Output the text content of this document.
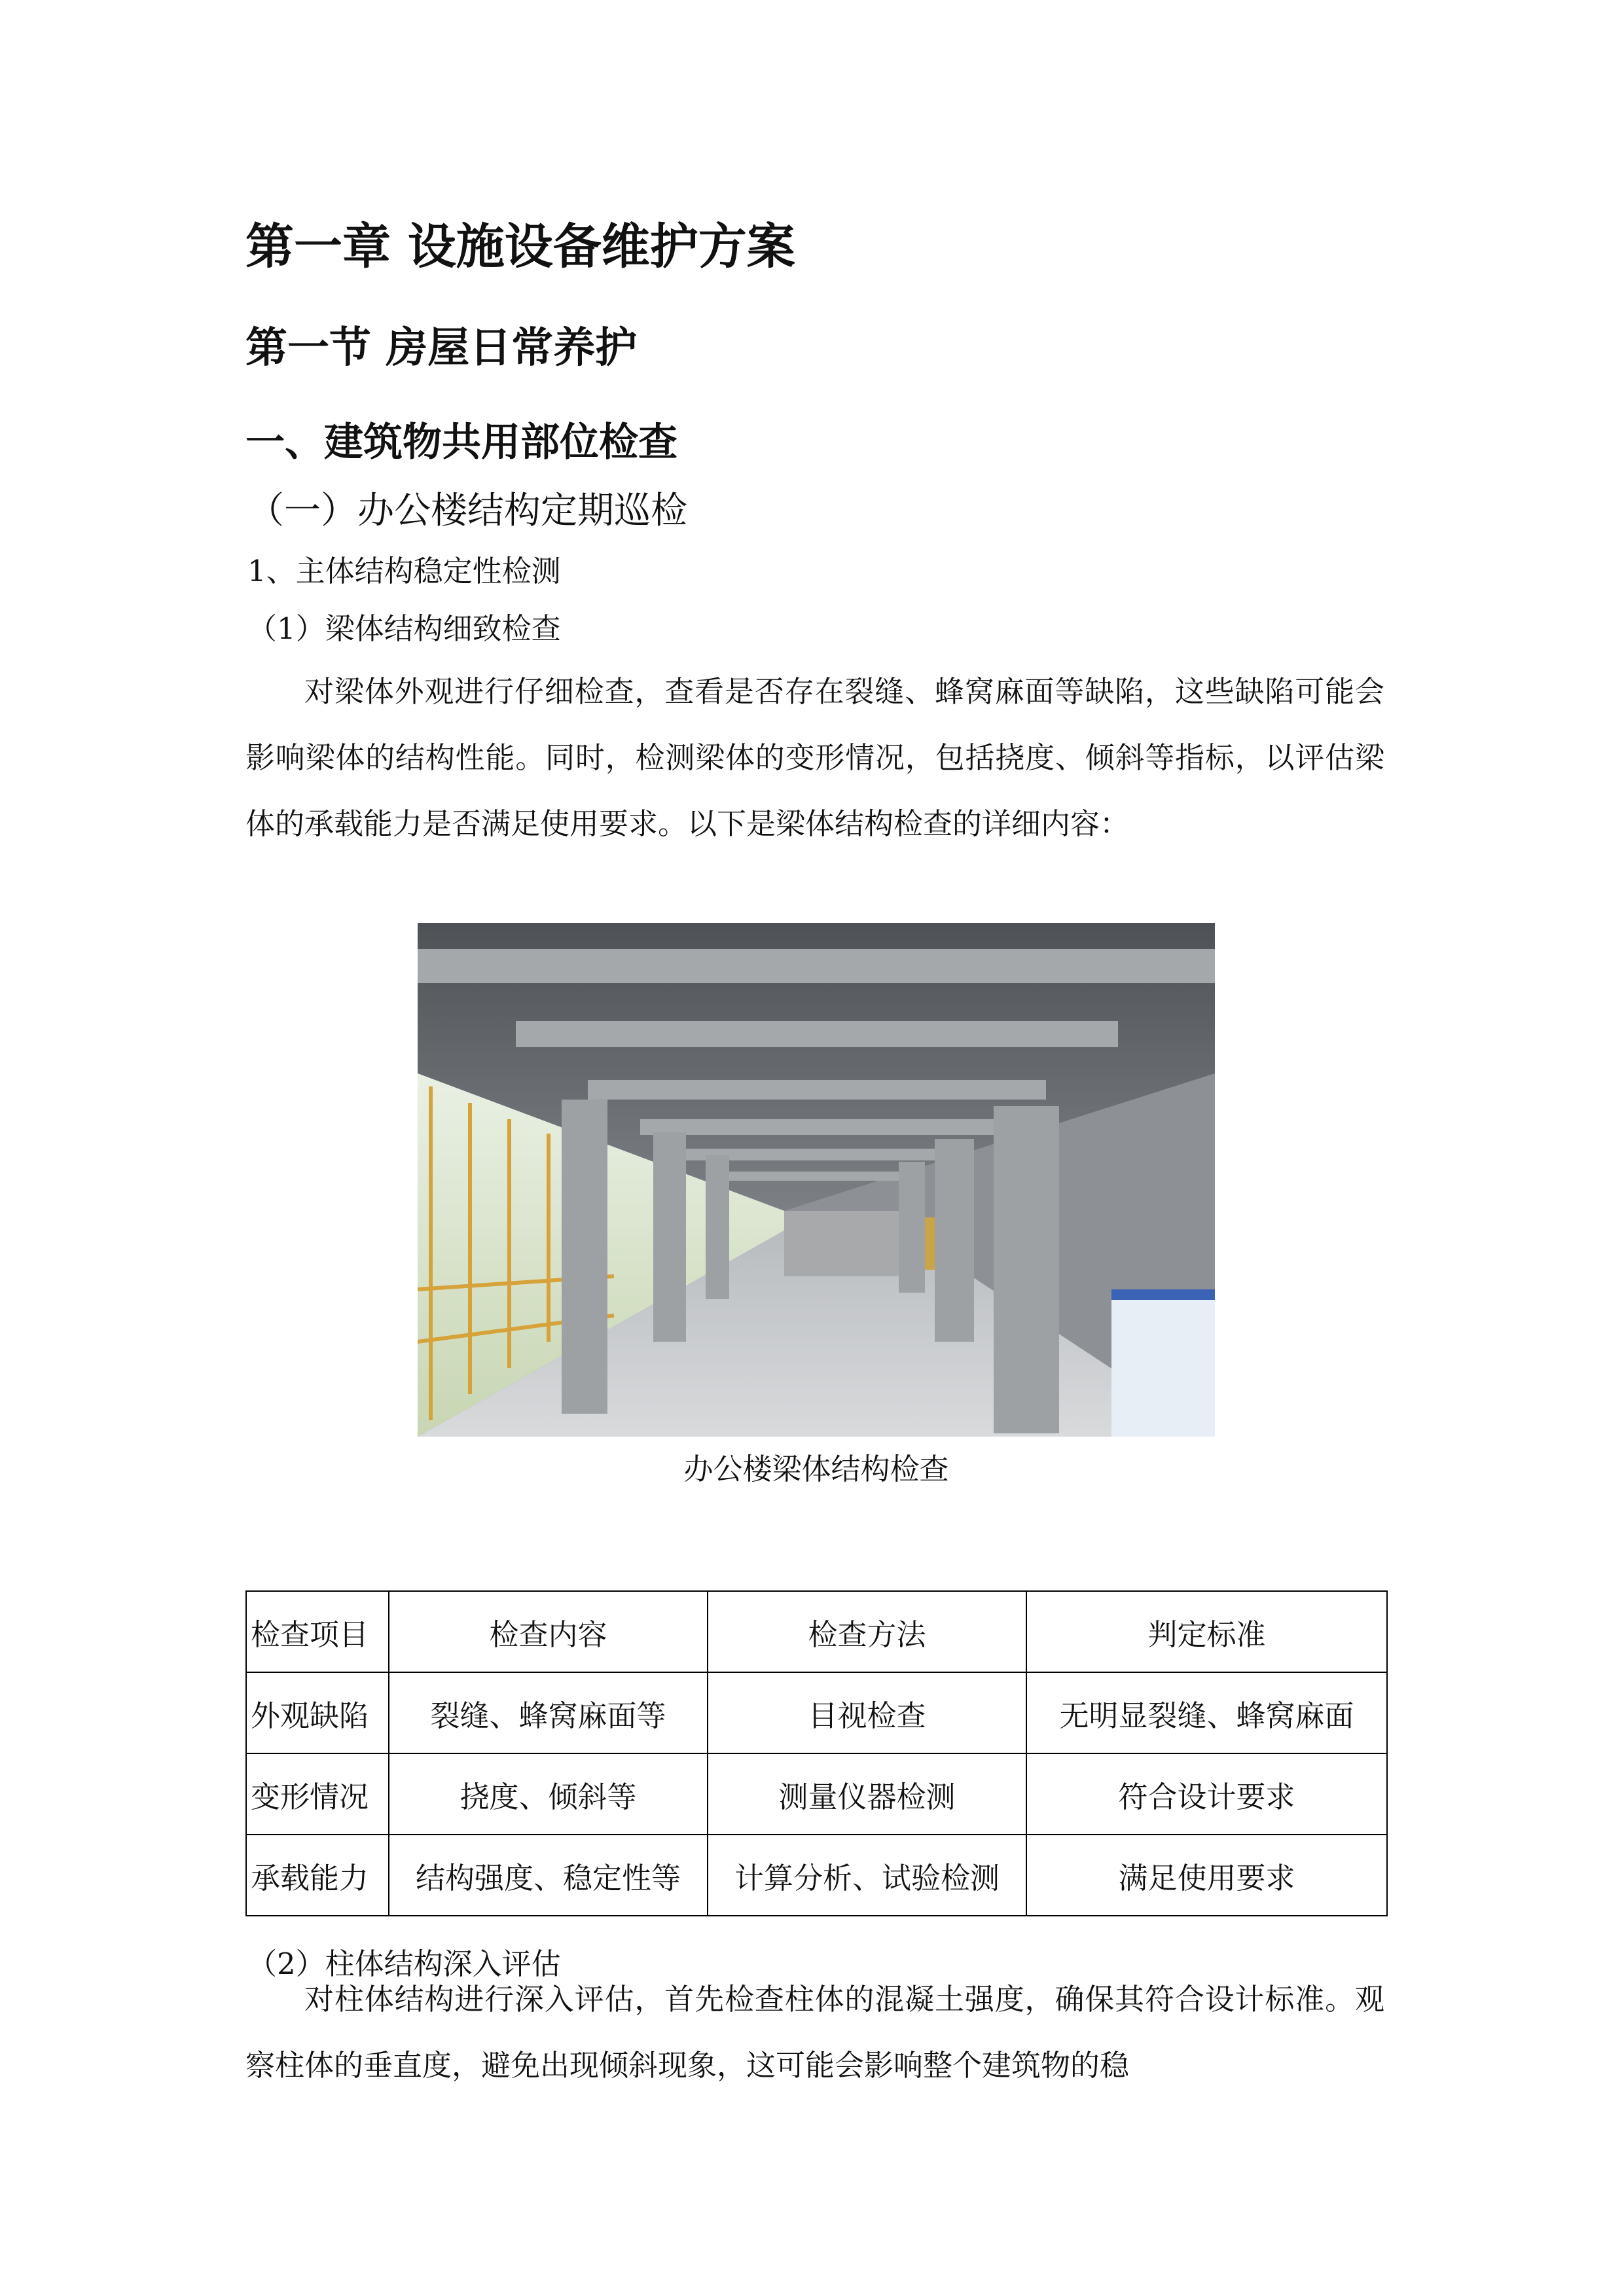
第一章 设施设备维护方案
第一节 房屋日常养护
一、建筑物共用部位检查
（一）办公楼结构定期巡检
1、主体结构稳定性检测
（1）梁体结构细致检查

对梁体外观进行仔细检查，查看是否存在裂缝、蜂窝麻面等缺陷，这些缺陷可能会影响梁体的结构性能。同时，检测梁体的变形情况，包括挠度、倾斜等指标，以评估梁体的承载能力是否满足使用要求。以下是梁体结构检查的详细内容：

办公楼梁体结构检查
检查项目	检查内容	检查方法	判定标准
外观缺陷	裂缝、蜂窝麻面等	目视检查	无明显裂缝、蜂窝麻面
变形情况	挠度、倾斜等	测量仪器检测	符合设计要求
承载能力	结构强度、稳定性等	计算分析、试验检测	满足使用要求
（2）柱体结构深入评估

对柱体结构进行深入评估，首先检查柱体的混凝土强度，确保其符合设计标准。观察柱体的垂直度，避免出现倾斜现象，这可能会影响整个建筑物的稳
